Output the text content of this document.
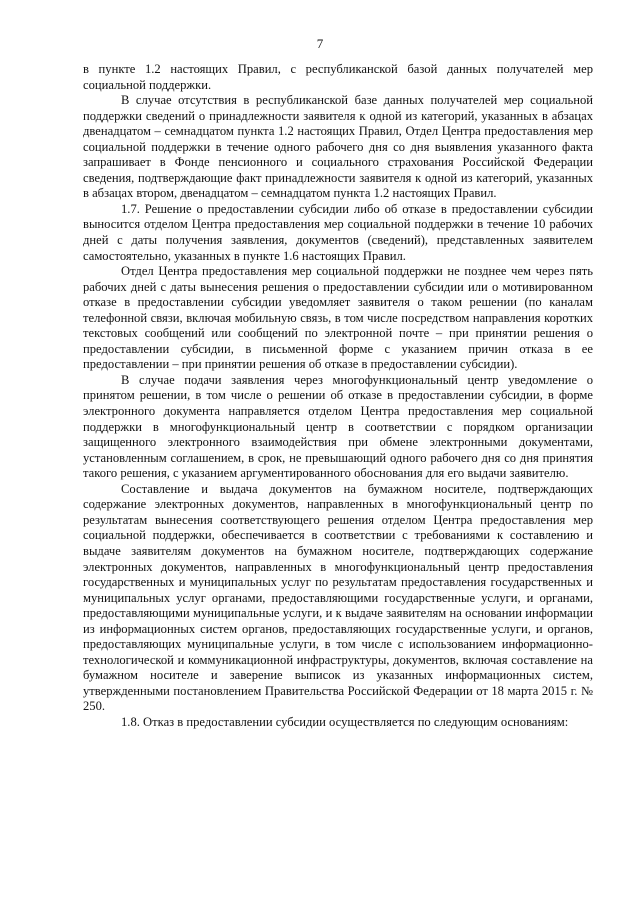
7

в пункте 1.2 настоящих Правил, с республиканской базой данных получателей мер социальной поддержки.

В случае отсутствия в республиканской базе данных получателей мер социальной поддержки сведений о принадлежности заявителя к одной из категорий, указанных в абзацах двенадцатом – семнадцатом пункта 1.2 настоящих Правил, Отдел Центра предоставления мер социальной поддержки в течение одного рабочего дня со дня выявления указанного факта запрашивает в Фонде пенсионного и социального страхования Российской Федерации сведения, подтверждающие факт принадлежности заявителя к одной из категорий, указанных в абзацах втором, двенадцатом – семнадцатом пункта 1.2 настоящих Правил.

1.7. Решение о предоставлении субсидии либо об отказе в предоставлении субсидии выносится отделом Центра предоставления мер социальной поддержки в течение 10 рабочих дней с даты получения заявления, документов (сведений), представленных заявителем самостоятельно, указанных в пункте 1.6 настоящих Правил.

Отдел Центра предоставления мер социальной поддержки не позднее чем через пять рабочих дней с даты вынесения решения о предоставлении субсидии или о мотивированном отказе в предоставлении субсидии уведомляет заявителя о таком решении (по каналам телефонной связи, включая мобильную связь, в том числе посредством направления коротких текстовых сообщений или сообщений по электронной почте – при принятии решения о предоставлении субсидии, в письменной форме с указанием причин отказа в ее предоставлении – при принятии решения об отказе в предоставлении субсидии).

В случае подачи заявления через многофункциональный центр уведомление о принятом решении, в том числе о решении об отказе в предоставлении субсидии, в форме электронного документа направляется отделом Центра предоставления мер социальной поддержки в многофункциональный центр в соответствии с порядком организации защищенного электронного взаимодействия при обмене электронными документами, установленным соглашением, в срок, не превышающий одного рабочего дня со дня принятия такого решения, с указанием аргументированного обоснования для его выдачи заявителю.

Составление и выдача документов на бумажном носителе, подтверждающих содержание электронных документов, направленных в многофункциональный центр по результатам вынесения соответствующего решения отделом Центра предоставления мер социальной поддержки, обеспечивается в соответствии с требованиями к составлению и выдаче заявителям документов на бумажном носителе, подтверждающих содержание электронных документов, направленных в многофункциональный центр предоставления государственных и муниципальных услуг по результатам предоставления государственных и муниципальных услуг органами, предоставляющими государственные услуги, и органами, предоставляющими муниципальные услуги, и к выдаче заявителям на основании информации из информационных систем органов, предоставляющих государственные услуги, и органов, предоставляющих муниципальные услуги, в том числе с использованием информационно-технологической и коммуникационной инфраструктуры, документов, включая составление на бумажном носителе и заверение выписок из указанных информационных систем, утвержденными постановлением Правительства Российской Федерации от 18 марта 2015 г. № 250.

1.8. Отказ в предоставлении субсидии осуществляется по следующим основаниям:
